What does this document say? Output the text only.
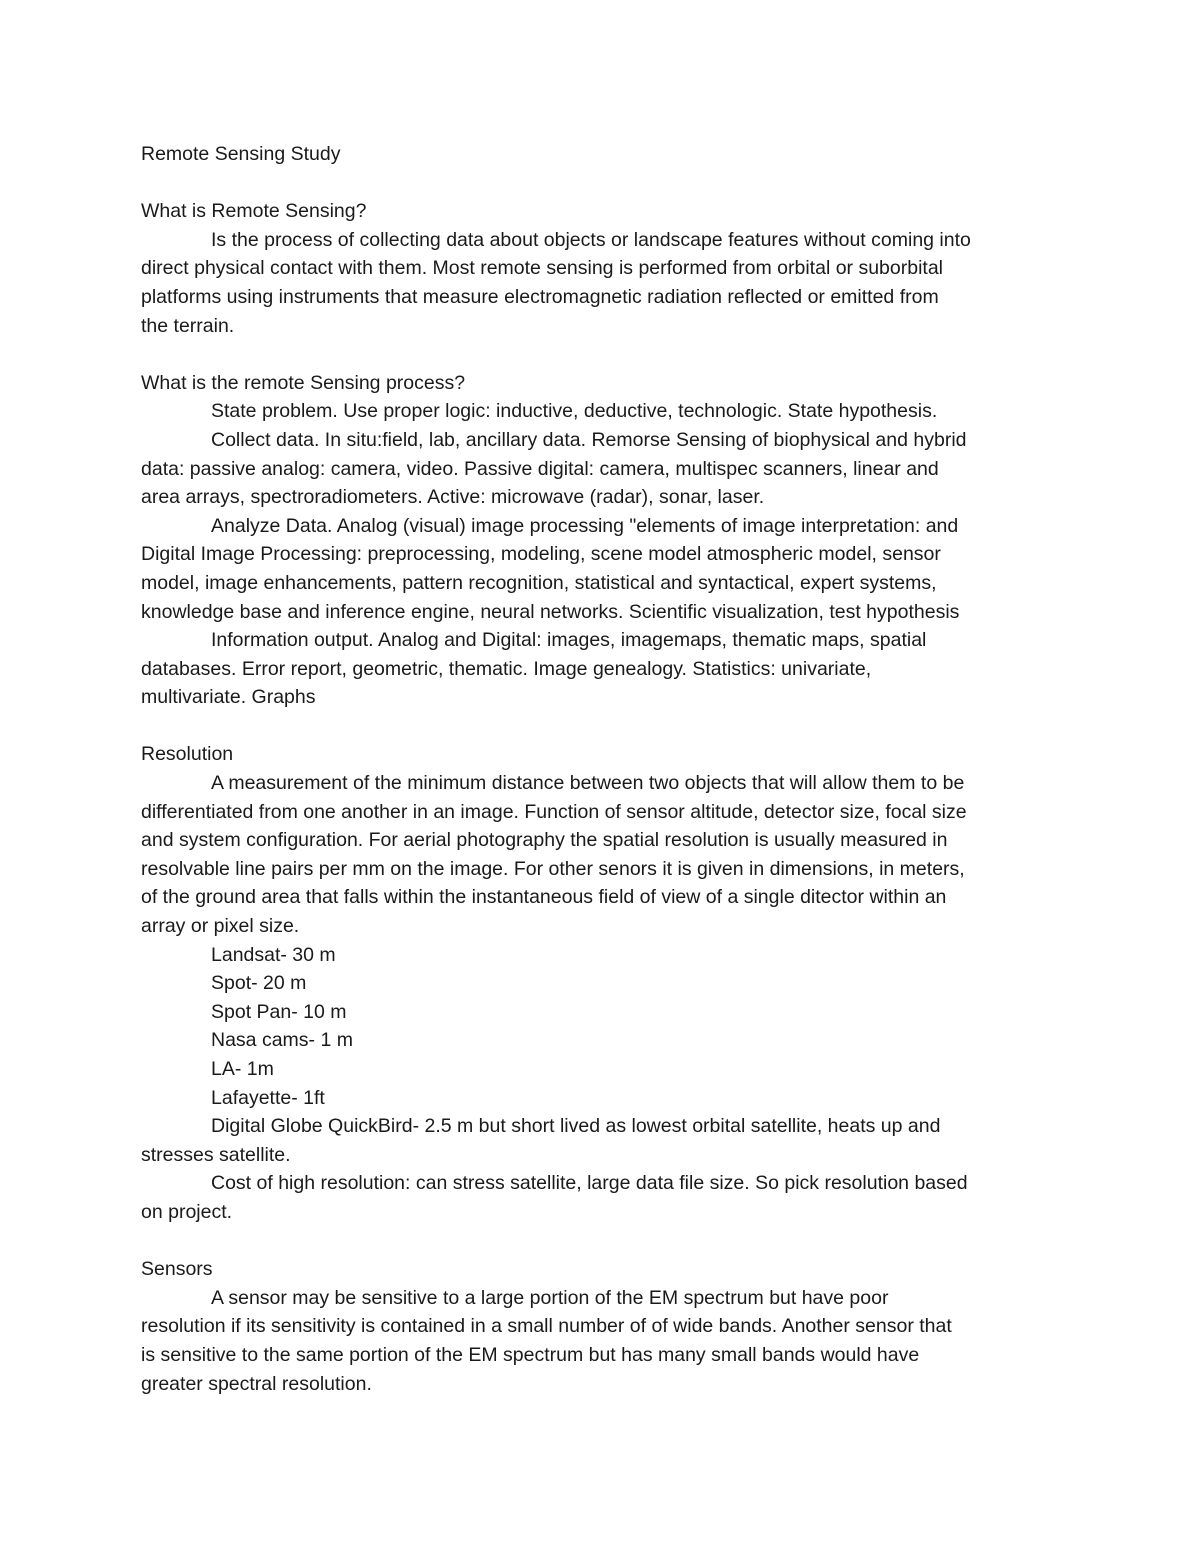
Remote Sensing Study

What is Remote Sensing?

Is the process of collecting data about objects or landscape features without coming into

direct physical contact with them. Most remote sensing is performed from orbital or suborbital

platforms using instruments that measure electromagnetic radiation reflected or emitted from

the terrain.

What is the remote Sensing process?

State problem. Use proper logic: inductive, deductive, technologic. State hypothesis.

Collect data. In situ:field, lab, ancillary data. Remorse Sensing of biophysical and hybrid

data: passive analog: camera, video. Passive digital: camera, multispec scanners, linear and

area arrays, spectroradiometers. Active: microwave (radar), sonar, laser.

Analyze Data. Analog (visual) image processing "elements of image interpretation: and

Digital Image Processing: preprocessing, modeling, scene model atmospheric model, sensor

model, image enhancements, pattern recognition, statistical and syntactical, expert systems,

knowledge base and inference engine, neural networks. Scientific visualization, test hypothesis

Information output. Analog and Digital: images, imagemaps, thematic maps, spatial

databases. Error report, geometric, thematic. Image genealogy. Statistics: univariate,

multivariate. Graphs

Resolution

A measurement of the minimum distance between two objects that will allow them to be

differentiated from one another in an image. Function of sensor altitude, detector size, focal size

and system configuration. For aerial photography the spatial resolution is usually measured in

resolvable line pairs per mm on the image. For other senors it is given in dimensions, in meters,

of the ground area that falls within the instantaneous field of view of a single ditector within an

array or pixel size.

Landsat- 30 m

Spot- 20 m

Spot Pan- 10 m

Nasa cams- 1 m

LA- 1m

Lafayette- 1ft

Digital Globe QuickBird- 2.5 m but short lived as lowest orbital satellite, heats up and

stresses satellite.

Cost of high resolution: can stress satellite, large data file size. So pick resolution based

on project.

Sensors

A sensor may be sensitive to a large portion of the EM spectrum but have poor

resolution if its sensitivity is contained in a small number of of wide bands. Another sensor that

is sensitive to the same portion of the EM spectrum but has many small bands would have

greater spectral resolution.
